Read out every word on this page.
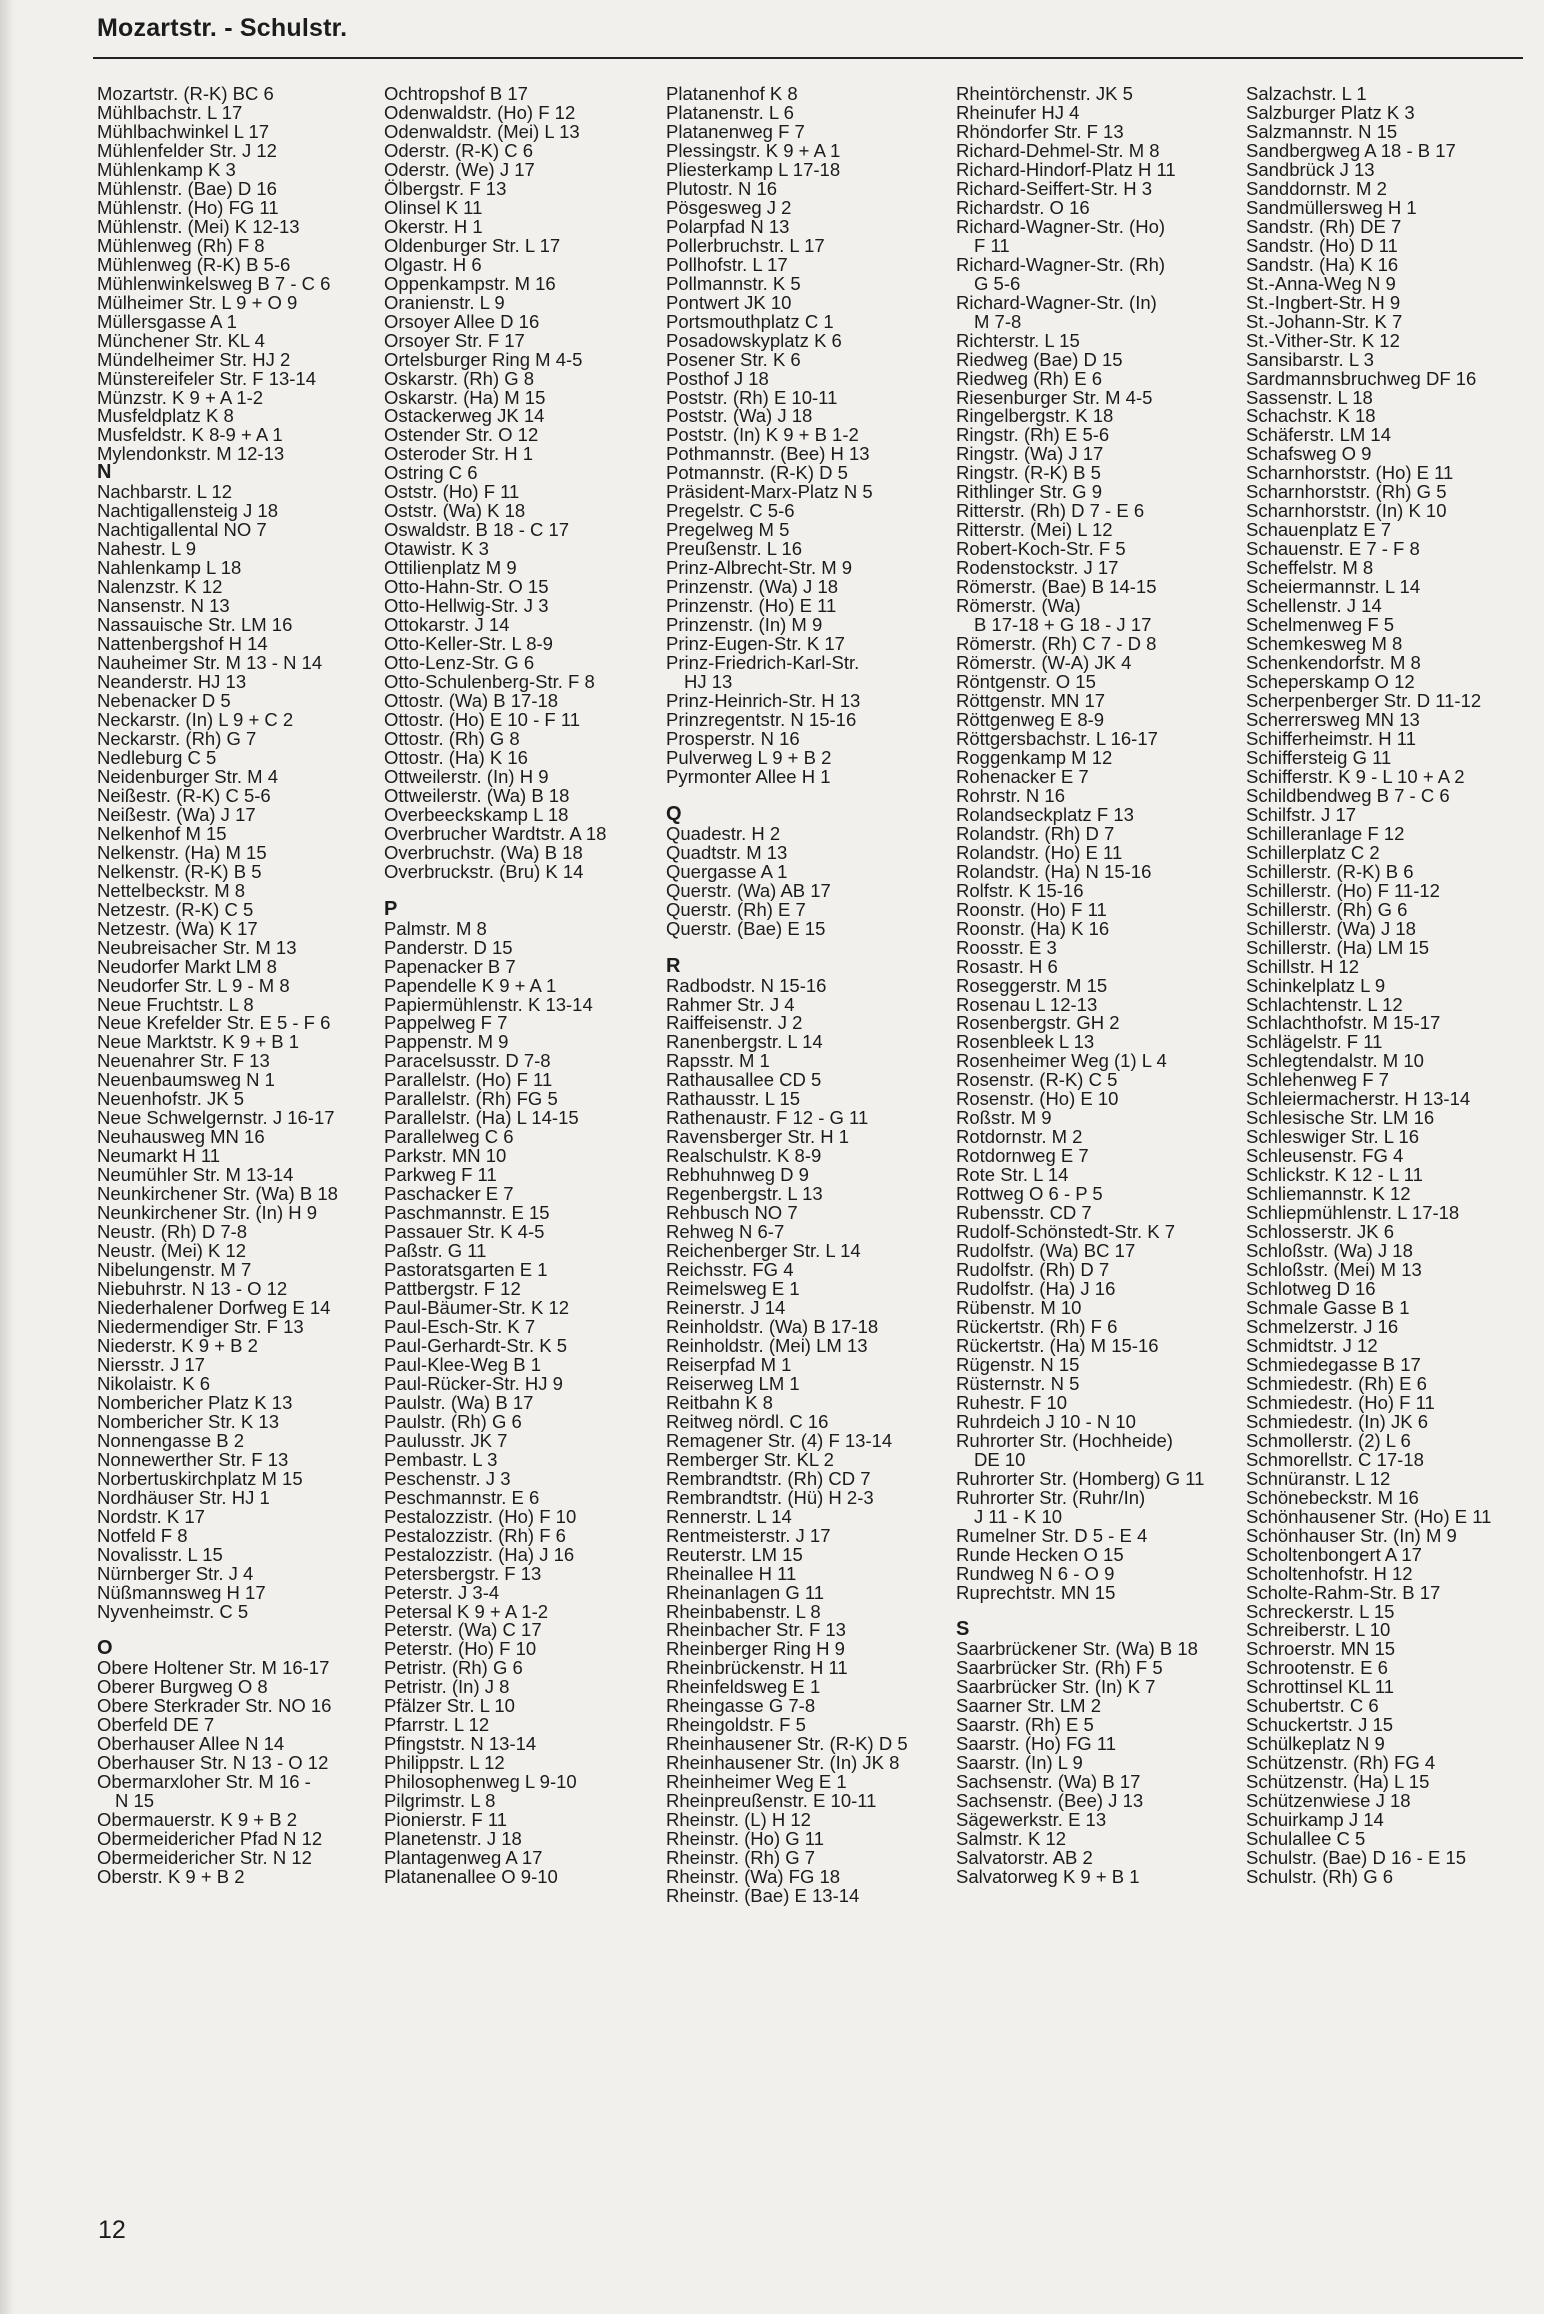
Mozartstr. - Schulstr.
Mozartstr. (R-K) BC 6
Mühlbachstr. L 17
Mühlbachwinkel L 17
Mühlenfelder Str. J 12
Mühlenkamp K 3
Mühlenstr. (Bae) D 16
Mühlenstr. (Ho) FG 11
Mühlenstr. (Mei) K 12-13
Mühlenweg (Rh) F 8
Mühlenweg (R-K) B 5-6
Mühlenwinkelsweg B 7 - C 6
Mülheimer Str. L 9 + O 9
Müllersgasse A 1
Münchener Str. KL 4
Mündelheimer Str. HJ 2
Münstereifeler Str. F 13-14
Münzstr. K 9 + A 1-2
Musfeldplatz K 8
Musfeldstr. K 8-9 + A 1
Mylendonkstr. M 12-13
N
Nachbarstr. L 12
Nachtigallensteig J 18
Nachtigallental NO 7
Nahestr. L 9
Nahlenkamp L 18
Nalenzstr. K 12
Nansenstr. N 13
Nassauische Str. LM 16
Nattenbergshof H 14
Nauheimer Str. M 13 - N 14
Neanderstr. HJ 13
Nebenacker D 5
Neckarstr. (In) L 9 + C 2
Neckarstr. (Rh) G 7
Nedleburg C 5
Neidenburger Str. M 4
Neißestr. (R-K) C 5-6
Neißestr. (Wa) J 17
Nelkenhof M 15
Nelkenstr. (Ha) M 15
Nelkenstr. (R-K) B 5
Nettelbeckstr. M 8
Netzestr. (R-K) C 5
Netzestr. (Wa) K 17
Neubreisacher Str. M 13
Neudorfer Markt LM 8
Neudorfer Str. L 9 - M 8
Neue Fruchtstr. L 8
Neue Krefelder Str. E 5 - F 6
Neue Marktstr. K 9 + B 1
Neuenahrer Str. F 13
Neuenbaumsweg N 1
Neuenhofstr. JK 5
Neue Schwelgernstr. J 16-17
Neuhausweg MN 16
Neumarkt H 11
Neumühler Str. M 13-14
Neunkirchener Str. (Wa) B 18
Neunkirchener Str. (In) H 9
Neustr. (Rh) D 7-8
Neustr. (Mei) K 12
Nibelungenstr. M 7
Niebuhrstr. N 13 - O 12
Niederhalener Dorfweg E 14
Niedermendiger Str. F 13
Niederstr. K 9 + B 2
Niersstr. J 17
Nikolaistr. K 6
Nombericher Platz K 13
Nombericher Str. K 13
Nonnengasse B 2
Nonnewerther Str. F 13
Norbertuskirchplatz M 15
Nordhäuser Str. HJ 1
Nordstr. K 17
Notfeld F 8
Novalisstr. L 15
Nürnberger Str. J 4
Nüßmannsweg H 17
Nyvenheimstr. C 5
O
Obere Holtener Str. M 16-17
Oberer Burgweg O 8
Obere Sterkrader Str. NO 16
Oberfeld DE 7
Oberhauser Allee N 14
Oberhauser Str. N 13 - O 12
Obermarxloher Str. M 16 -
N 15
Obermauerstr. K 9 + B 2
Obermeidericher Pfad N 12
Obermeidericher Str. N 12
Oberstr. K 9 + B 2
Ochtropshof B 17
Odenwaldstr. (Ho) F 12
Odenwaldstr. (Mei) L 13
Oderstr. (R-K) C 6
Oderstr. (We) J 17
Ölbergstr. F 13
Olinsel K 11
Okerstr. H 1
Oldenburger Str. L 17
Olgastr. H 6
Oppenkampstr. M 16
Oranienstr. L 9
Orsoyer Allee D 16
Orsoyer Str. F 17
Ortelsburger Ring M 4-5
Oskarstr. (Rh) G 8
Oskarstr. (Ha) M 15
Ostackerweg JK 14
Ostender Str. O 12
Osteroder Str. H 1
Ostring C 6
Oststr. (Ho) F 11
Oststr. (Wa) K 18
Oswaldstr. B 18 - C 17
Otawistr. K 3
Ottilienplatz M 9
Otto-Hahn-Str. O 15
Otto-Hellwig-Str. J 3
Ottokarstr. J 14
Otto-Keller-Str. L 8-9
Otto-Lenz-Str. G 6
Otto-Schulenberg-Str. F 8
Ottostr. (Wa) B 17-18
Ottostr. (Ho) E 10 - F 11
Ottostr. (Rh) G 8
Ottostr. (Ha) K 16
Ottweilerstr. (In) H 9
Ottweilerstr. (Wa) B 18
Overbeeckskamp L 18
Overbrucher Wardtstr. A 18
Overbruchstr. (Wa) B 18
Overbruckstr. (Bru) K 14
P
Palmstr. M 8
Panderstr. D 15
Papenacker B 7
Papendelle K 9 + A 1
Papiermühlenstr. K 13-14
Pappelweg F 7
Pappenstr. M 9
Paracelsusstr. D 7-8
Parallelstr. (Ho) F 11
Parallelstr. (Rh) FG 5
Parallelstr. (Ha) L 14-15
Parallelweg C 6
Parkstr. MN 10
Parkweg F 11
Paschacker E 7
Paschmannstr. E 15
Passauer Str. K 4-5
Paßstr. G 11
Pastoratsgarten E 1
Pattbergstr. F 12
Paul-Bäumer-Str. K 12
Paul-Esch-Str. K 7
Paul-Gerhardt-Str. K 5
Paul-Klee-Weg B 1
Paul-Rücker-Str. HJ 9
Paulstr. (Wa) B 17
Paulstr. (Rh) G 6
Paulusstr. JK 7
Pembastr. L 3
Peschenstr. J 3
Peschmannstr. E 6
Pestalozzistr. (Ho) F 10
Pestalozzistr. (Rh) F 6
Pestalozzistr. (Ha) J 16
Petersbergstr. F 13
Peterstr. J 3-4
Petersal K 9 + A 1-2
Peterstr. (Wa) C 17
Peterstr. (Ho) F 10
Petristr. (Rh) G 6
Petristr. (In) J 8
Pfälzer Str. L 10
Pfarrstr. L 12
Pfingststr. N 13-14
Philippstr. L 12
Philosophenweg L 9-10
Pilgrimstr. L 8
Pionierstr. F 11
Planetenstr. J 18
Plantagenweg A 17
Platanenallee O 9-10
Platanenhof K 8
Platanenstr. L 6
Platanenweg F 7
Plessingstr. K 9 + A 1
Pliesterkamp L 17-18
Plutostr. N 16
Pösgesweg J 2
Polarpfad N 13
Pollerbruchstr. L 17
Pollhofstr. L 17
Pollmannstr. K 5
Pontwert JK 10
Portsmouthplatz C 1
Posadowskyplatz K 6
Posener Str. K 6
Posthof J 18
Poststr. (Rh) E 10-11
Poststr. (Wa) J 18
Poststr. (In) K 9 + B 1-2
Pothmannstr. (Bee) H 13
Potmannstr. (R-K) D 5
Präsident-Marx-Platz N 5
Pregelstr. C 5-6
Pregelweg M 5
Preußenstr. L 16
Prinz-Albrecht-Str. M 9
Prinzenstr. (Wa) J 18
Prinzenstr. (Ho) E 11
Prinzenstr. (In) M 9
Prinz-Eugen-Str. K 17
Prinz-Friedrich-Karl-Str.
HJ 13
Prinz-Heinrich-Str. H 13
Prinzregentstr. N 15-16
Prosperstr. N 16
Pulverweg L 9 + B 2
Pyrmonter Allee H 1
Q
Quadestr. H 2
Quadtstr. M 13
Quergasse A 1
Querstr. (Wa) AB 17
Querstr. (Rh) E 7
Querstr. (Bae) E 15
R
Radbodstr. N 15-16
Rahmer Str. J 4
Raiffeisenstr. J 2
Ranenbergstr. L 14
Rapsstr. M 1
Rathausallee CD 5
Rathausstr. L 15
Rathenaustr. F 12 - G 11
Ravensberger Str. H 1
Realschulstr. K 8-9
Rebhuhnweg D 9
Regenbergstr. L 13
Rehbusch NO 7
Rehweg N 6-7
Reichenberger Str. L 14
Reichsstr. FG 4
Reimelsweg E 1
Reinerstr. J 14
Reinholdstr. (Wa) B 17-18
Reinholdstr. (Mei) LM 13
Reiserpfad M 1
Reiserweg LM 1
Reitbahn K 8
Reitweg nördl. C 16
Remagener Str. (4) F 13-14
Remberger Str. KL 2
Rembrandtstr. (Rh) CD 7
Rembrandtstr. (Hü) H 2-3
Rennerstr. L 14
Rentmeisterstr. J 17
Reuterstr. LM 15
Rheinallee H 11
Rheinanlagen G 11
Rheinbabenstr. L 8
Rheinbacher Str. F 13
Rheinberger Ring H 9
Rheinbrückenstr. H 11
Rheinfeldsweg E 1
Rheingasse G 7-8
Rheingoldstr. F 5
Rheinhausener Str. (R-K) D 5
Rheinhausener Str. (In) JK 8
Rheinheimer Weg E 1
Rheinpreußenstr. E 10-11
Rheinstr. (L) H 12
Rheinstr. (Ho) G 11
Rheinstr. (Rh) G 7
Rheinstr. (Wa) FG 18
Rheinstr. (Bae) E 13-14
Rheintörchenstr. JK 5
Rheinufer HJ 4
Rhöndorfer Str. F 13
Richard-Dehmel-Str. M 8
Richard-Hindorf-Platz H 11
Richard-Seiffert-Str. H 3
Richardstr. O 16
Richard-Wagner-Str. (Ho)
F 11
Richard-Wagner-Str. (Rh)
G 5-6
Richard-Wagner-Str. (In)
M 7-8
Richterstr. L 15
Riedweg (Bae) D 15
Riedweg (Rh) E 6
Riesenburger Str. M 4-5
Ringelbergstr. K 18
Ringstr. (Rh) E 5-6
Ringstr. (Wa) J 17
Ringstr. (R-K) B 5
Rithlinger Str. G 9
Ritterstr. (Rh) D 7 - E 6
Ritterstr. (Mei) L 12
Robert-Koch-Str. F 5
Rodenstockstr. J 17
Römerstr. (Bae) B 14-15
Römerstr. (Wa)
B 17-18 + G 18 - J 17
Römerstr. (Rh) C 7 - D 8
Römerstr. (W-A) JK 4
Röntgenstr. O 15
Röttgenstr. MN 17
Röttgenweg E 8-9
Röttgersbachstr. L 16-17
Roggenkamp M 12
Rohenacker E 7
Rohrstr. N 16
Rolandseckplatz F 13
Rolandstr. (Rh) D 7
Rolandstr. (Ho) E 11
Rolandstr. (Ha) N 15-16
Rolfstr. K 15-16
Roonstr. (Ho) F 11
Roonstr. (Ha) K 16
Roosstr. E 3
Rosastr. H 6
Roseggerstr. M 15
Rosenau L 12-13
Rosenbergstr. GH 2
Rosenbleek L 13
Rosenheimer Weg (1) L 4
Rosenstr. (R-K) C 5
Rosenstr. (Ho) E 10
Roßstr. M 9
Rotdornstr. M 2
Rotdornweg E 7
Rote Str. L 14
Rottweg O 6 - P 5
Rubensstr. CD 7
Rudolf-Schönstedt-Str. K 7
Rudolfstr. (Wa) BC 17
Rudolfstr. (Rh) D 7
Rudolfstr. (Ha) J 16
Rübenstr. M 10
Rückertstr. (Rh) F 6
Rückertstr. (Ha) M 15-16
Rügenstr. N 15
Rüsternstr. N 5
Ruhestr. F 10
Ruhrdeich J 10 - N 10
Ruhrorter Str. (Hochheide)
DE 10
Ruhrorter Str. (Homberg) G 11
Ruhrorter Str. (Ruhr/In)
J 11 - K 10
Rumelner Str. D 5 - E 4
Runde Hecken O 15
Rundweg N 6 - O 9
Ruprechtstr. MN 15
S
Saarbrückener Str. (Wa) B 18
Saarbrücker Str. (Rh) F 5
Saarbrücker Str. (In) K 7
Saarner Str. LM 2
Saarstr. (Rh) E 5
Saarstr. (Ho) FG 11
Saarstr. (In) L 9
Sachsenstr. (Wa) B 17
Sachsenstr. (Bee) J 13
Sägewerkstr. E 13
Salmstr. K 12
Salvatorstr. AB 2
Salvatorweg K 9 + B 1
Salzachstr. L 1
Salzburger Platz K 3
Salzmannstr. N 15
Sandbergweg A 18 - B 17
Sandbrück J 13
Sanddornstr. M 2
Sandmüllersweg H 1
Sandstr. (Rh) DE 7
Sandstr. (Ho) D 11
Sandstr. (Ha) K 16
St.-Anna-Weg N 9
St.-Ingbert-Str. H 9
St.-Johann-Str. K 7
St.-Vither-Str. K 12
Sansibarstr. L 3
Sardmannsbruchweg DF 16
Sassenstr. L 18
Schachstr. K 18
Schäferstr. LM 14
Schafsweg O 9
Scharnhorststr. (Ho) E 11
Scharnhorststr. (Rh) G 5
Scharnhorststr. (In) K 10
Schauenplatz E 7
Schauenstr. E 7 - F 8
Scheffelstr. M 8
Scheiermannstr. L 14
Schellenstr. J 14
Schelmenweg F 5
Schemkesweg M 8
Schenkendorfstr. M 8
Scheperskamp O 12
Scherpenberger Str. D 11-12
Scherrersweg MN 13
Schifferheimstr. H 11
Schiffersteig G 11
Schifferstr. K 9 - L 10 + A 2
Schildbendweg B 7 - C 6
Schilfstr. J 17
Schilleranlage F 12
Schillerplatz C 2
Schillerstr. (R-K) B 6
Schillerstr. (Ho) F 11-12
Schillerstr. (Rh) G 6
Schillerstr. (Wa) J 18
Schillerstr. (Ha) LM 15
Schillstr. H 12
Schinkelplatz L 9
Schlachtenstr. L 12
Schlachthofstr. M 15-17
Schlägelstr. F 11
Schlegtendalstr. M 10
Schlehenweg F 7
Schleiermacherstr. H 13-14
Schlesische Str. LM 16
Schleswiger Str. L 16
Schleusenstr. FG 4
Schlickstr. K 12 - L 11
Schliemannstr. K 12
Schliepmühlenstr. L 17-18
Schlosserstr. JK 6
Schloßstr. (Wa) J 18
Schloßstr. (Mei) M 13
Schlotweg D 16
Schmale Gasse B 1
Schmelzerstr. J 16
Schmidtstr. J 12
Schmiedegasse B 17
Schmiedestr. (Rh) E 6
Schmiedestr. (Ho) F 11
Schmiedestr. (In) JK 6
Schmollerstr. (2) L 6
Schmorellstr. C 17-18
Schnüranstr. L 12
Schönebeckstr. M 16
Schönhausener Str. (Ho) E 11
Schönhauser Str. (In) M 9
Scholtenbongert A 17
Scholtenhofstr. H 12
Scholte-Rahm-Str. B 17
Schreckerstr. L 15
Schreiberstr. L 10
Schroerstr. MN 15
Schrootenstr. E 6
Schrottinsel KL 11
Schubertstr. C 6
Schuckertstr. J 15
Schülkeplatz N 9
Schützenstr. (Rh) FG 4
Schützenstr. (Ha) L 15
Schützenwiese J 18
Schuirkamp J 14
Schulallee C 5
Schulstr. (Bae) D 16 - E 15
Schulstr. (Rh) G 6
12
